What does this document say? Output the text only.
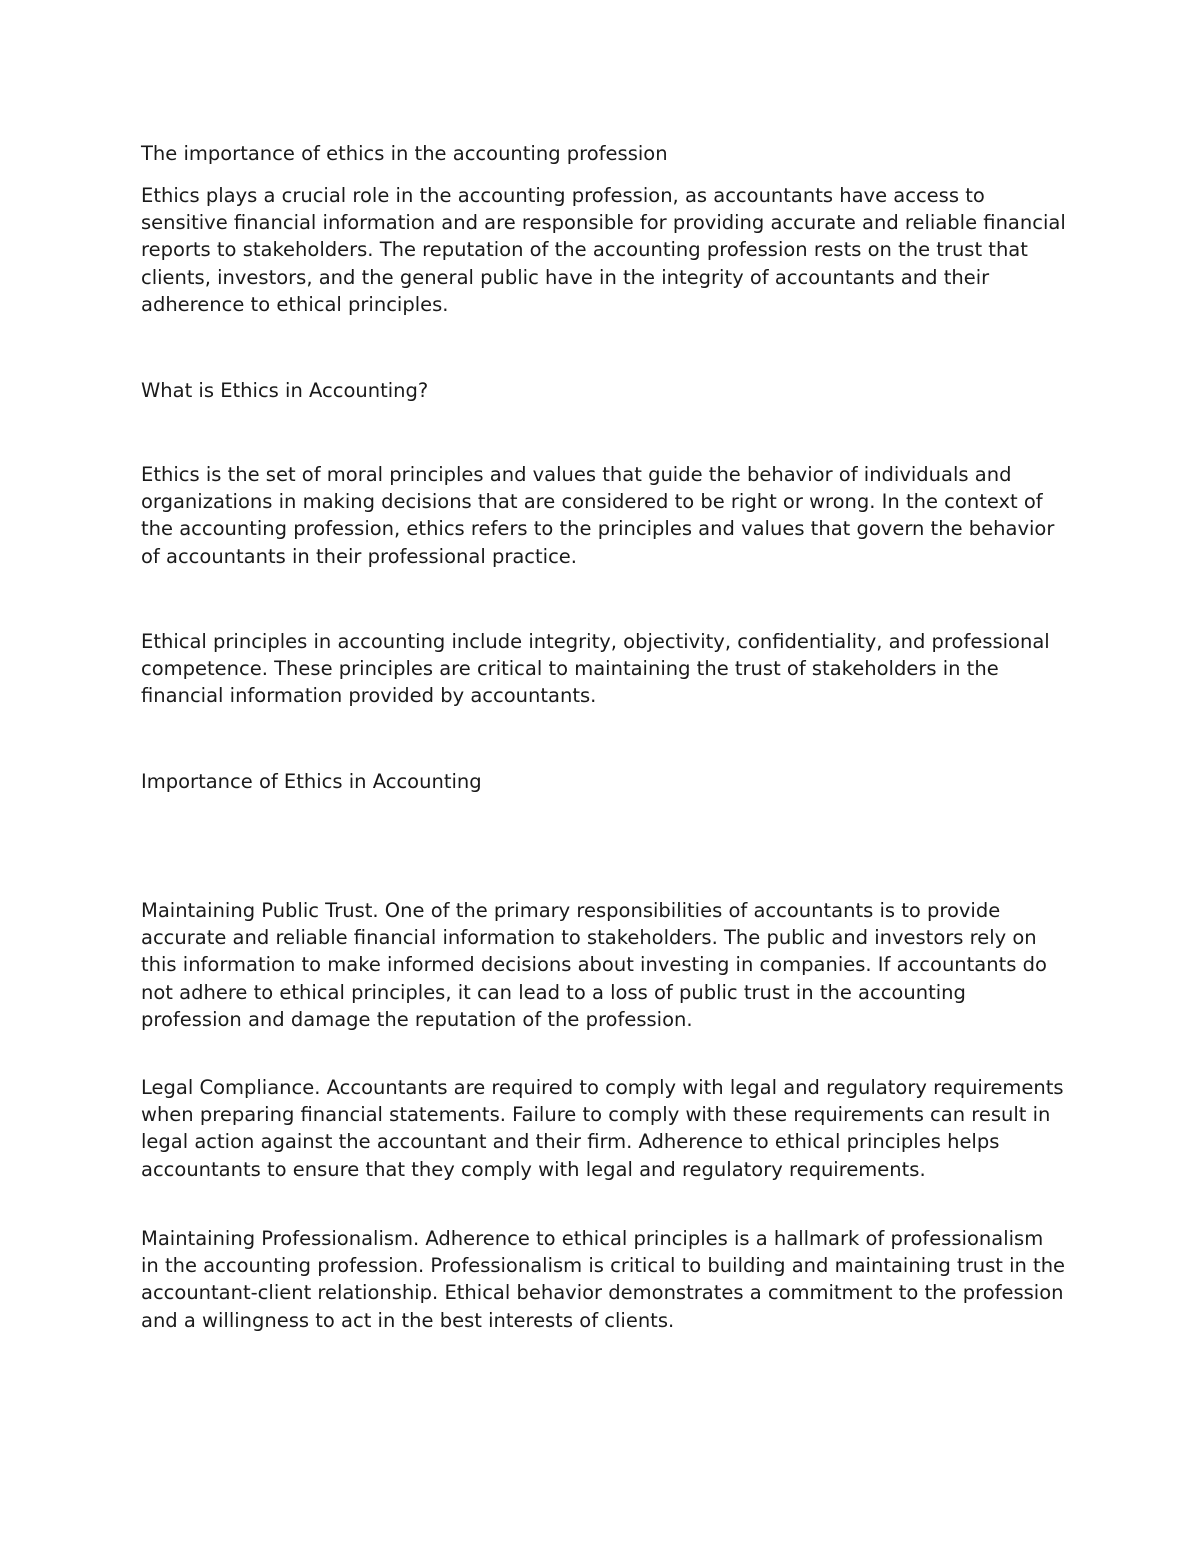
The importance of ethics in the accounting profession

Ethics plays a crucial role in the accounting profession, as accountants have access to sensitive financial information and are responsible for providing accurate and reliable financial reports to stakeholders. The reputation of the accounting profession rests on the trust that clients, investors, and the general public have in the integrity of accountants and their adherence to ethical principles.

What is Ethics in Accounting?

Ethics is the set of moral principles and values that guide the behavior of individuals and organizations in making decisions that are considered to be right or wrong. In the context of the accounting profession, ethics refers to the principles and values that govern the behavior of accountants in their professional practice.

Ethical principles in accounting include integrity, objectivity, confidentiality, and professional competence. These principles are critical to maintaining the trust of stakeholders in the financial information provided by accountants.

Importance of Ethics in Accounting

Maintaining Public Trust. One of the primary responsibilities of accountants is to provide accurate and reliable financial information to stakeholders. The public and investors rely on this information to make informed decisions about investing in companies. If accountants do not adhere to ethical principles, it can lead to a loss of public trust in the accounting profession and damage the reputation of the profession.

Legal Compliance. Accountants are required to comply with legal and regulatory requirements when preparing financial statements. Failure to comply with these requirements can result in legal action against the accountant and their firm. Adherence to ethical principles helps accountants to ensure that they comply with legal and regulatory requirements.

Maintaining Professionalism. Adherence to ethical principles is a hallmark of professionalism in the accounting profession. Professionalism is critical to building and maintaining trust in the accountant-client relationship. Ethical behavior demonstrates a commitment to the profession and a willingness to act in the best interests of clients.
